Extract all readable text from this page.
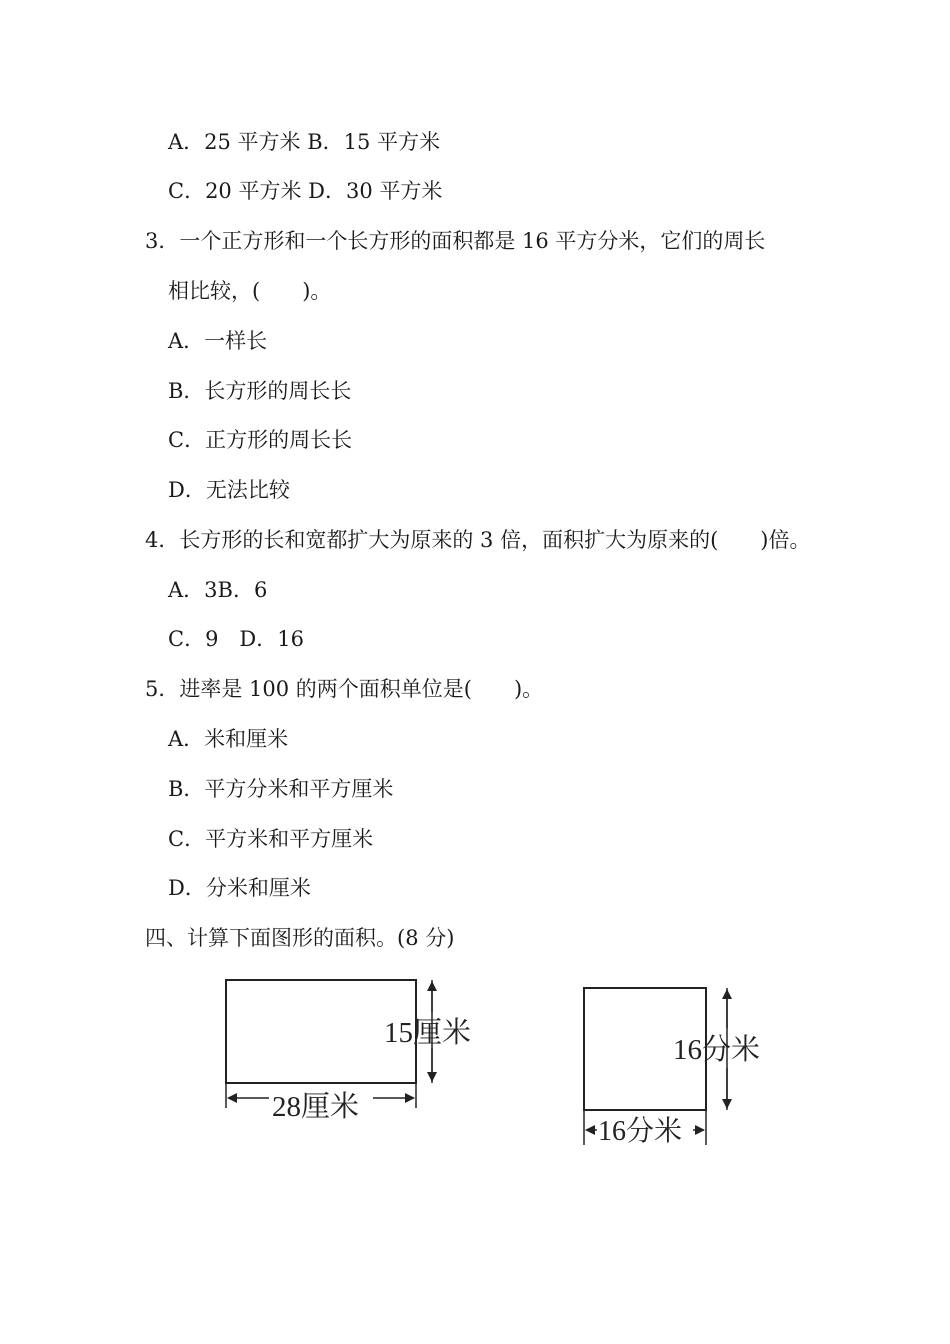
A．25 平方米 B．15 平方米
C．20 平方米 D．30 平方米
3．一个正方形和一个长方形的面积都是 16 平方分米，它们的周长
相比较，(　　)。
A．一样长
B．长方形的周长长
C．正方形的周长长
D．无法比较
4．长方形的长和宽都扩大为原来的 3 倍，面积扩大为原来的(　　)倍。
A．3B．6
C．9　D．16
5．进率是 100 的两个面积单位是(　　)。
A．米和厘米
B．平方分米和平方厘米
C．平方米和平方厘米
D．分米和厘米
四、计算下面图形的面积。(8 分)
15厘米
28厘米
16分米
16分米
